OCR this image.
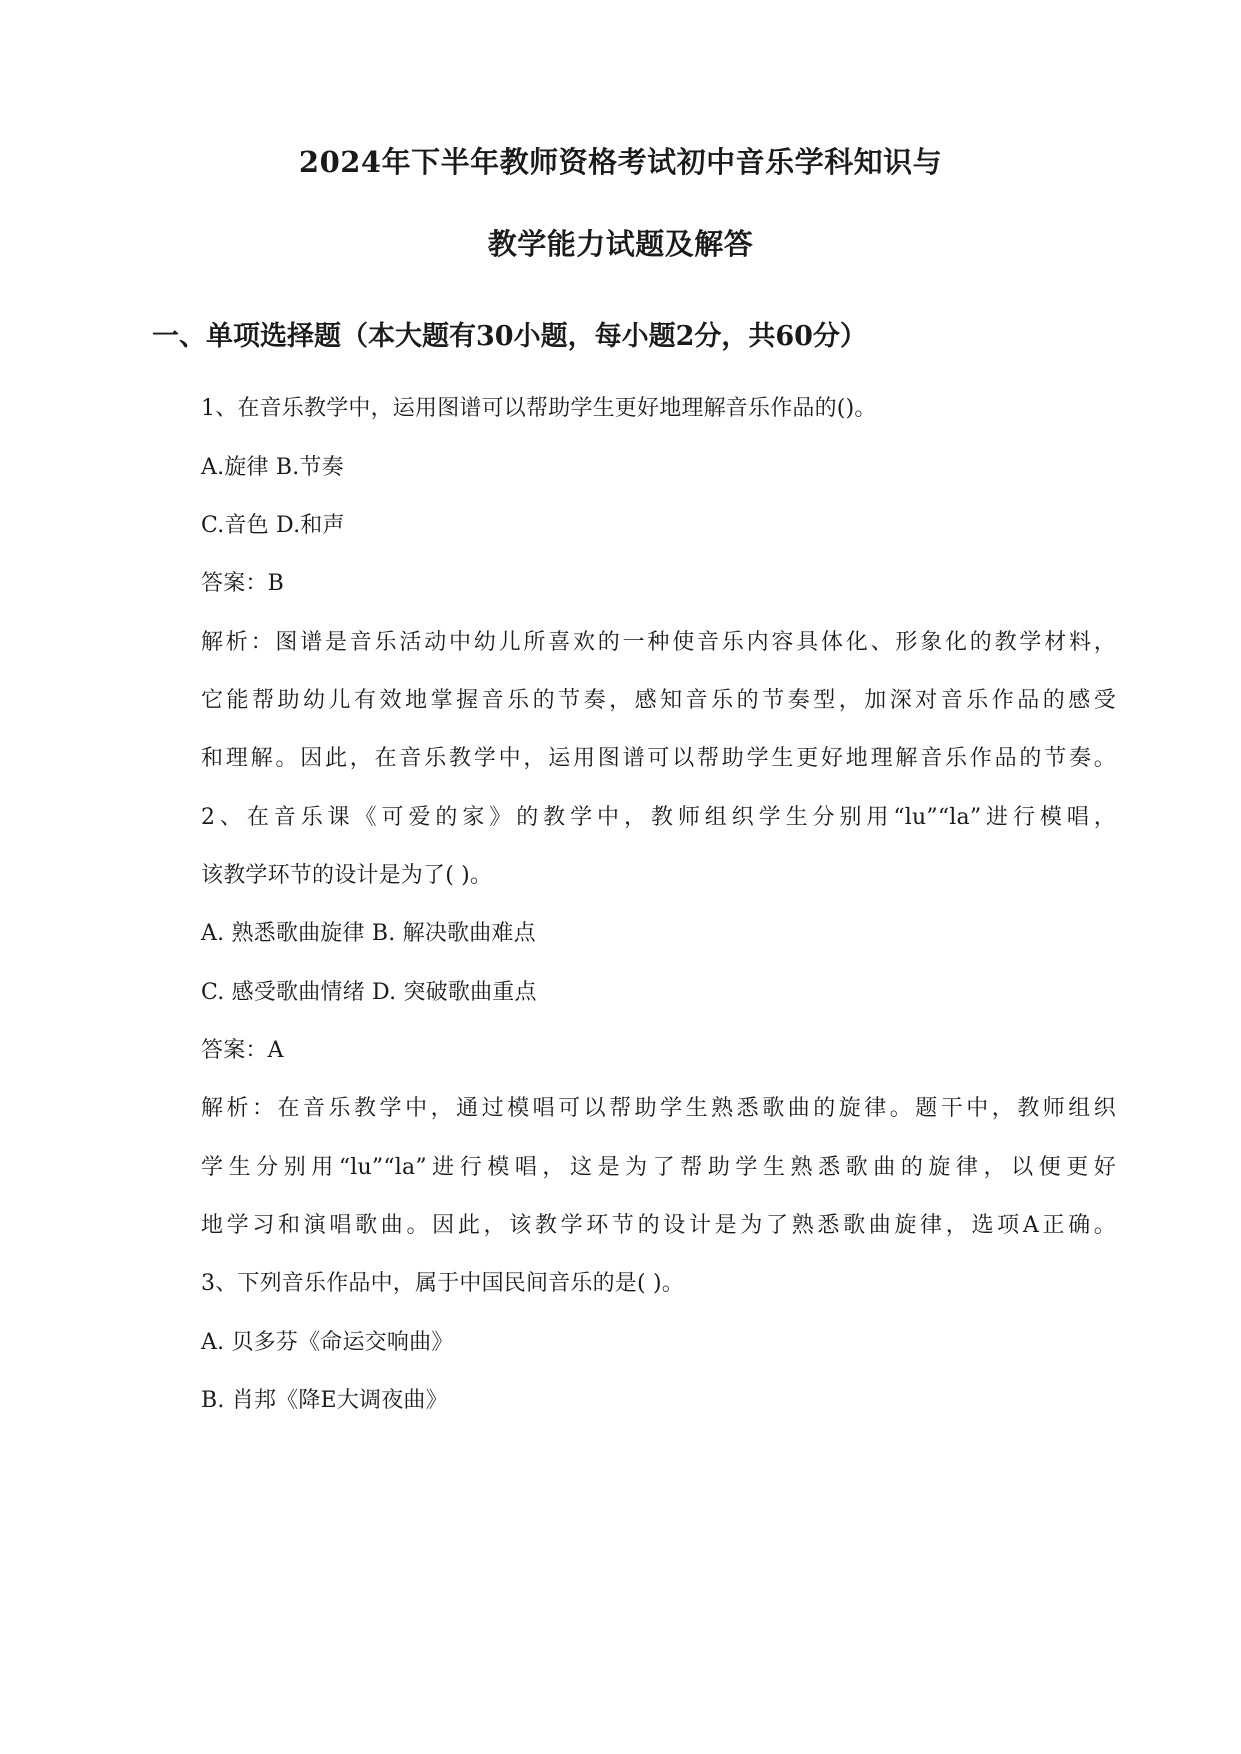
2024年下半年教师资格考试初中音乐学科知识与
教学能力试题及解答
一、单项选择题（本大题有30小题，每小题2分，共60分）
1、在音乐教学中，运用图谱可以帮助学生更好地理解音乐作品的()。
A.旋律 B.节奏
C.音色 D.和声
答案：B
解析：图谱是音乐活动中幼儿所喜欢的一种使音乐内容具体化、形象化的教学材料，
它能帮助幼儿有效地掌握音乐的节奏，感知音乐的节奏型，加深对音乐作品的感受
和理解。因此，在音乐教学中，运用图谱可以帮助学生更好地理解音乐作品的节奏。
2、在音乐课《可爱的家》的教学中，教师组织学生分别用“lu”“la”进行模唱，
该教学环节的设计是为了( )。
A. 熟悉歌曲旋律 B. 解决歌曲难点
C. 感受歌曲情绪 D. 突破歌曲重点
答案：A
解析：在音乐教学中，通过模唱可以帮助学生熟悉歌曲的旋律。题干中，教师组织
学生分别用“lu”“la”进行模唱，这是为了帮助学生熟悉歌曲的旋律，以便更好
地学习和演唱歌曲。因此，该教学环节的设计是为了熟悉歌曲旋律，选项A正确。
3、下列音乐作品中，属于中国民间音乐的是( )。
A. 贝多芬《命运交响曲》
B. 肖邦《降E大调夜曲》
